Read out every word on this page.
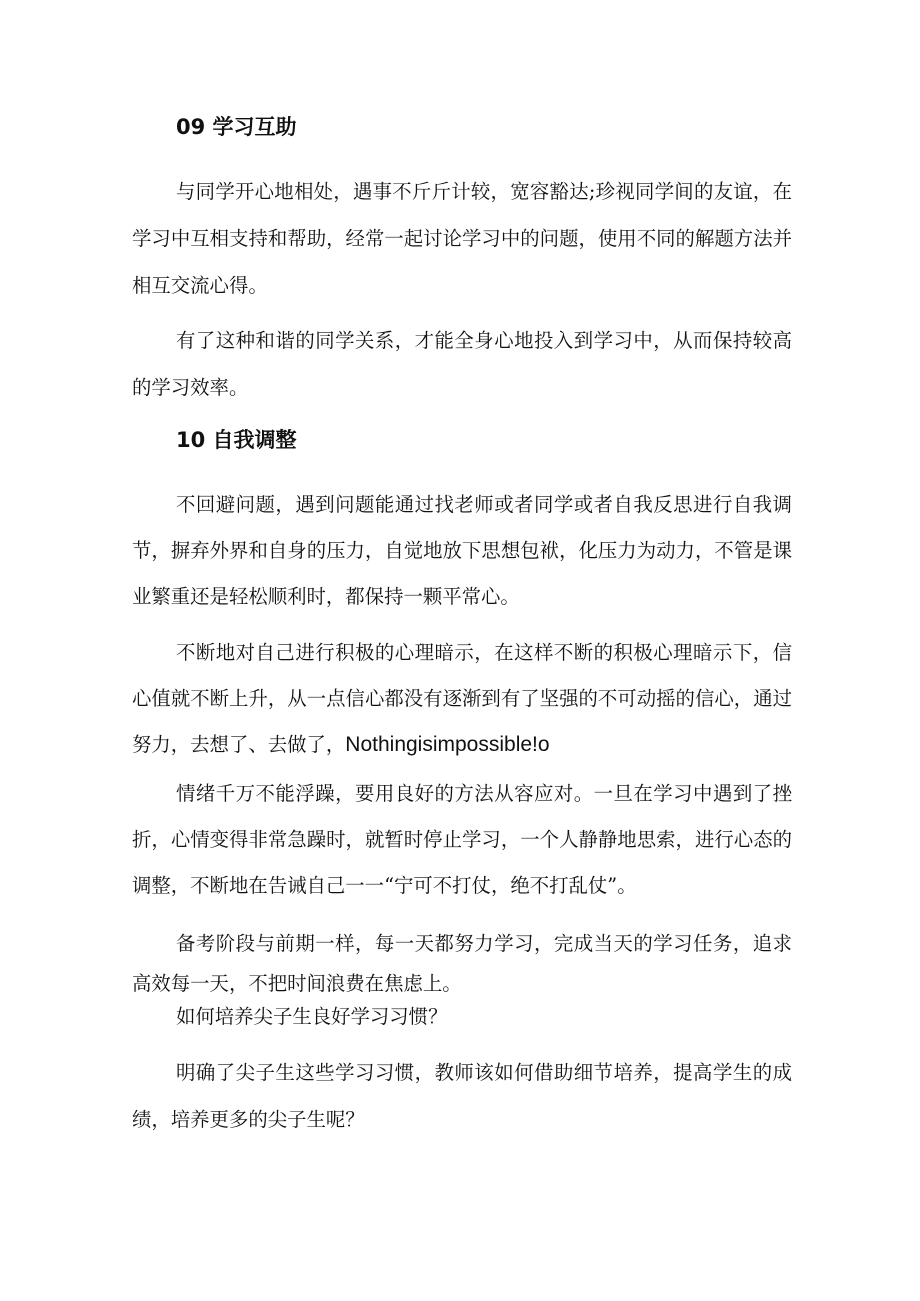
09 学习互助

与同学开心地相处，遇事不斤斤计较，宽容豁达;珍视同学间的友谊，在学习中互相支持和帮助，经常一起讨论学习中的问题，使用不同的解题方法并相互交流心得。

有了这种和谐的同学关系，才能全身心地投入到学习中，从而保持较高的学习效率。

10 自我调整

不回避问题，遇到问题能通过找老师或者同学或者自我反思进行自我调节，摒弃外界和自身的压力，自觉地放下思想包袱，化压力为动力，不管是课业繁重还是轻松顺利时，都保持一颗平常心。

不断地对自己进行积极的心理暗示，在这样不断的积极心理暗示下，信心值就不断上升，从一点信心都没有逐渐到有了坚强的不可动摇的信心，通过努力，去想了、去做了，Nothingisimpossible!o

情绪千万不能浮躁，要用良好的方法从容应对。一旦在学习中遇到了挫折，心情变得非常急躁时，就暂时停止学习，一个人静静地思索，进行心态的调整，不断地在告诫自己一一“宁可不打仗，绝不打乱仗”。

备考阶段与前期一样，每一天都努力学习，完成当天的学习任务，追求高效每一天，不把时间浪费在焦虑上。

如何培养尖子生良好学习习惯？

明确了尖子生这些学习习惯，教师该如何借助细节培养，提高学生的成绩，培养更多的尖子生呢？
